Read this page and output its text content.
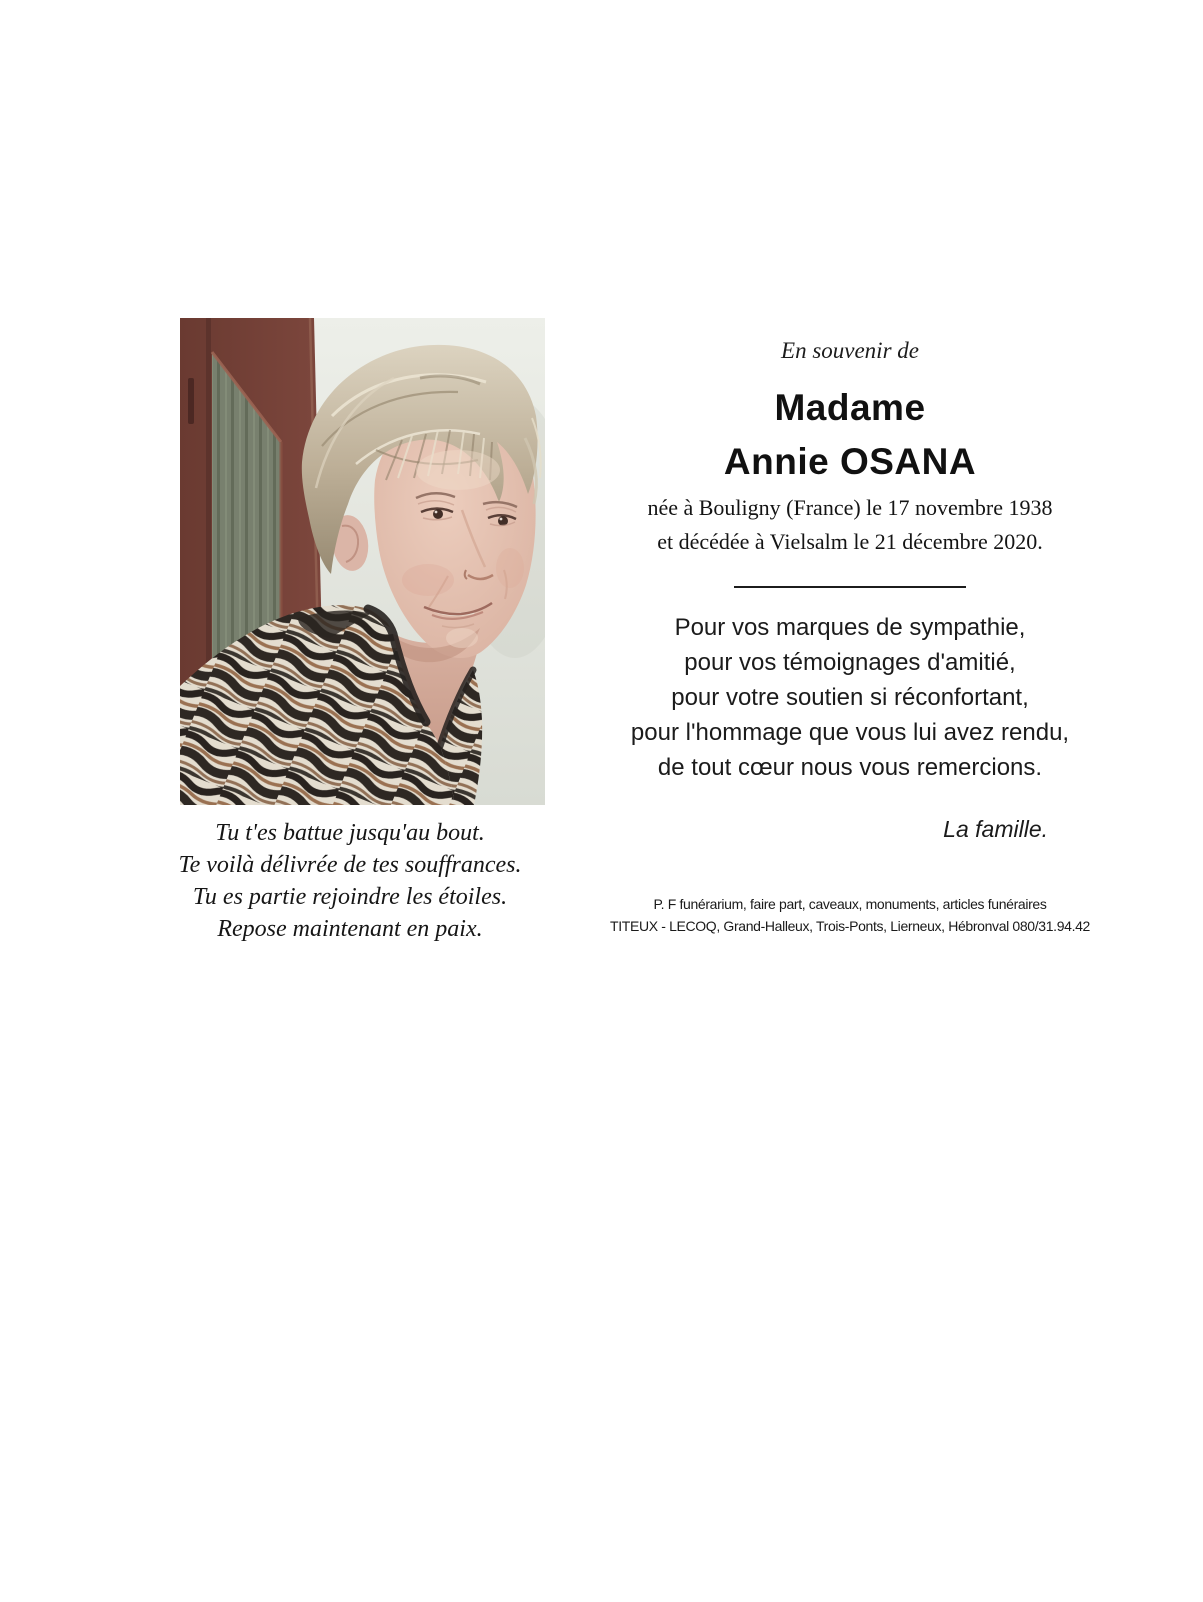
Tu t'es battue jusqu'au bout.
Te voilà délivrée de tes souffrances.
Tu es partie rejoindre les étoiles.
Repose maintenant en paix.
En souvenir de
Madame
Annie OSANA
née à Bouligny (France) le 17 novembre 1938
et décédée à Vielsalm le 21 décembre 2020.
Pour vos marques de sympathie,
pour vos témoignages d'amitié,
pour votre soutien si réconfortant,
pour l'hommage que vous lui avez rendu,
de tout cœur nous vous remercions.
La famille.
P. F funérarium, faire part, caveaux, monuments, articles funéraires
TITEUX - LECOQ, Grand-Halleux, Trois-Ponts, Lierneux, Hébronval 080/31.94.42
